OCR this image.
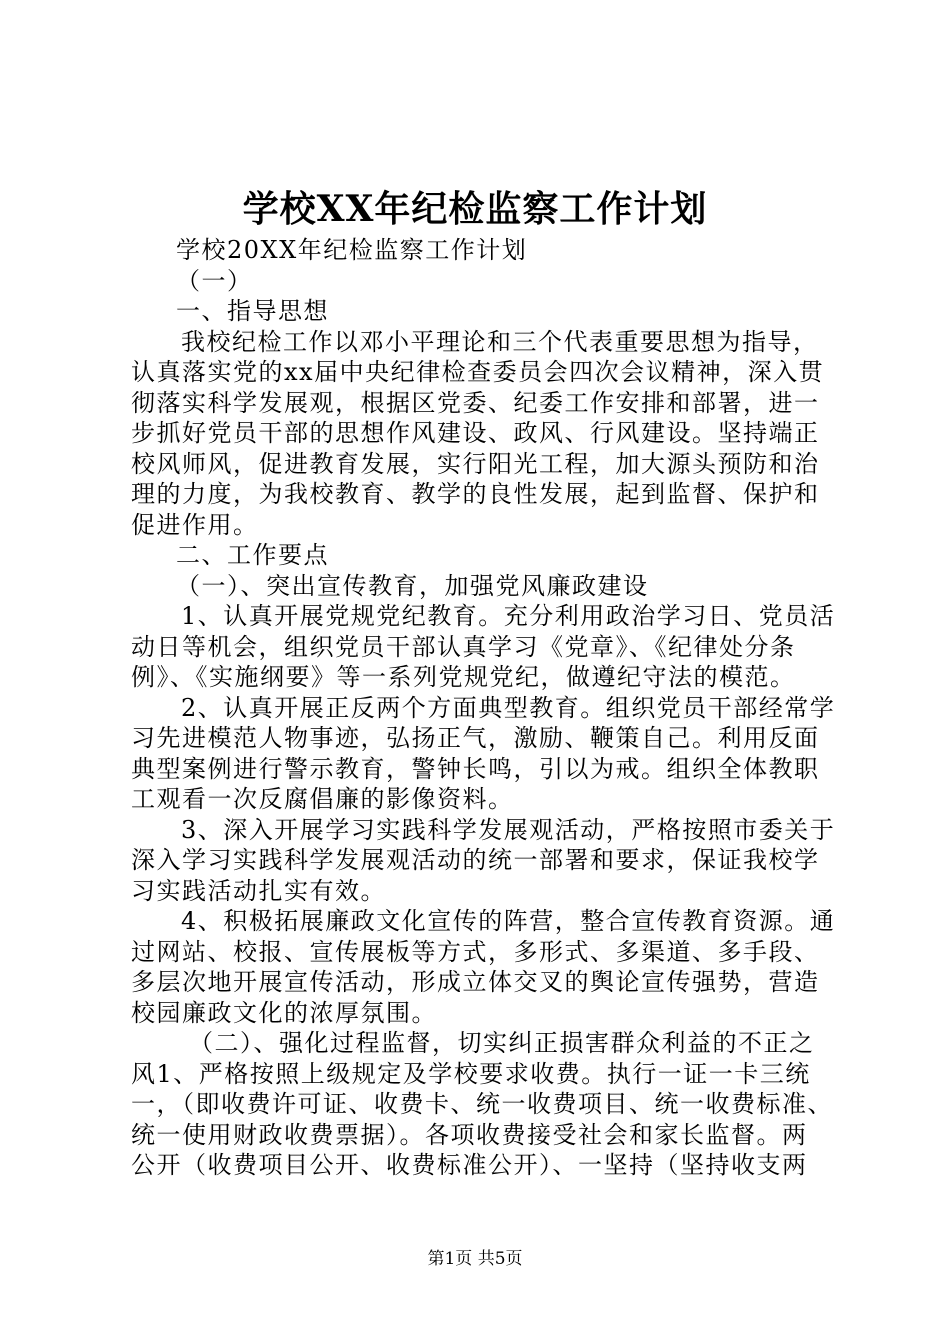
学校XX年纪检监察工作计划
学校20XX年纪检监察工作计划
（一）
一、指导思想
我校纪检工作以邓小平理论和三个代表重要思想为指导，
认真落实党的xx届中央纪律检查委员会四次会议精神，深入贯
彻落实科学发展观，根据区党委、纪委工作安排和部署，进一
步抓好党员干部的思想作风建设、政风、行风建设。坚持端正
校风师风，促进教育发展，实行阳光工程，加大源头预防和治
理的力度，为我校教育、教学的良性发展，起到监督、保护和
促进作用。
二、工作要点
（一）、突出宣传教育，加强党风廉政建设
1、认真开展党规党纪教育。充分利用政治学习日、党员活
动日等机会，组织党员干部认真学习《党章》、《纪律处分条
例》、《实施纲要》等一系列党规党纪，做遵纪守法的模范。
2、认真开展正反两个方面典型教育。组织党员干部经常学
习先进模范人物事迹，弘扬正气，激励、鞭策自己。利用反面
典型案例进行警示教育，警钟长鸣，引以为戒。组织全体教职
工观看一次反腐倡廉的影像资料。
3、深入开展学习实践科学发展观活动，严格按照市委关于
深入学习实践科学发展观活动的统一部署和要求，保证我校学
习实践活动扎实有效。
4、积极拓展廉政文化宣传的阵营，整合宣传教育资源。通
过网站、校报、宣传展板等方式，多形式、多渠道、多手段、
多层次地开展宣传活动，形成立体交叉的舆论宣传强势，营造
校园廉政文化的浓厚氛围。
（二）、强化过程监督，切实纠正损害群众利益的不正之
风1、严格按照上级规定及学校要求收费。执行一证一卡三统
一，（即收费许可证、收费卡、统一收费项目、统一收费标准、
统一使用财政收费票据）。各项收费接受社会和家长监督。两
公开（收费项目公开、收费标准公开）、一坚持（坚持收支两
第1页 共5页
